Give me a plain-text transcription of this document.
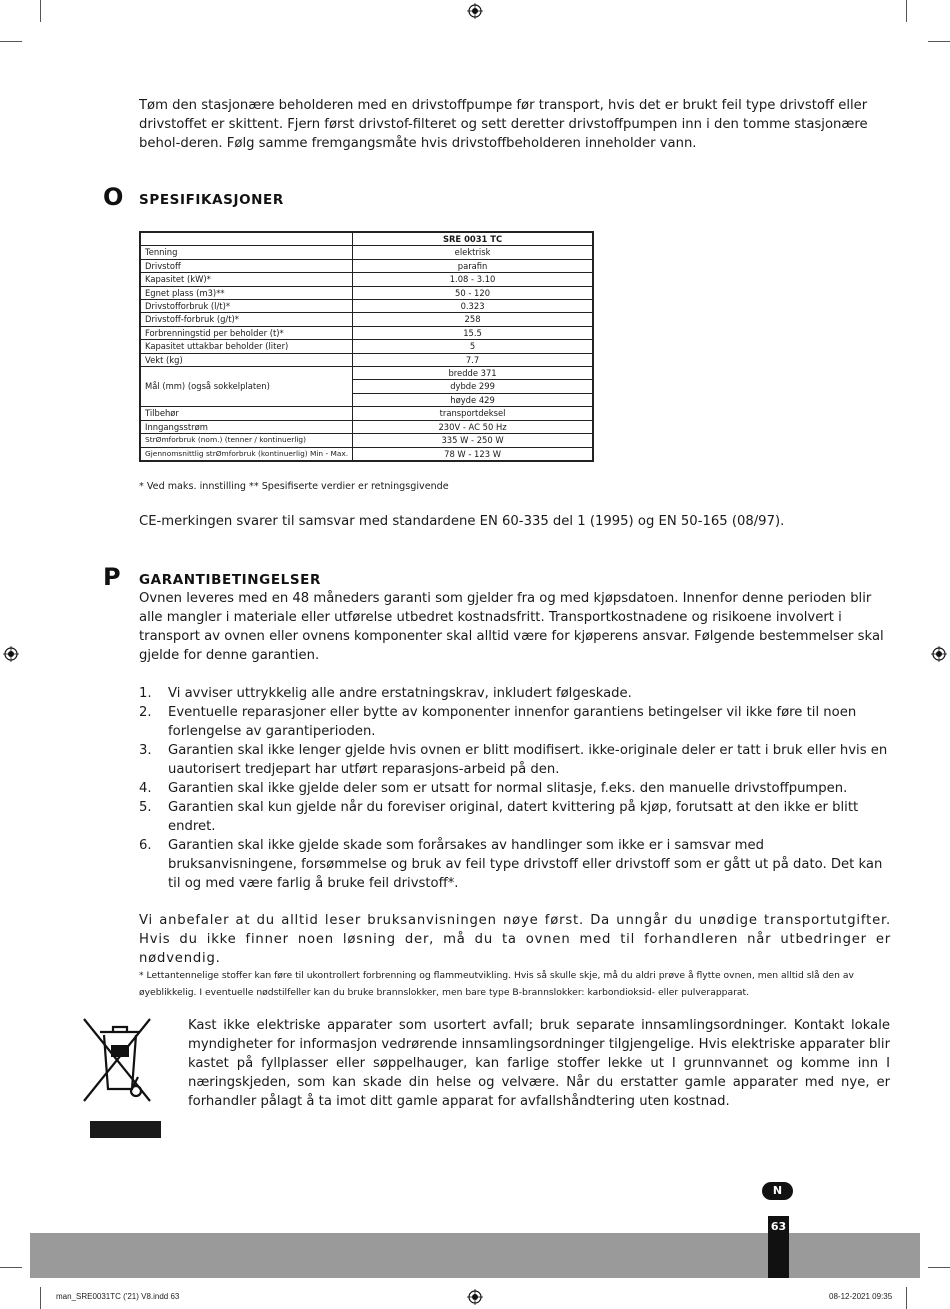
Tøm den stasjonære beholderen med en drivstoffpumpe før transport, hvis det er brukt feil type drivstoff eller drivstoffet er skittent. Fjern først drivstof-filteret og sett deretter drivstoffpumpen inn i den tomme stasjonære behol-deren. Følg samme fremgangsmåte hvis drivstoffbeholderen inneholder vann.
O SPESIFIKASJONER
	SRE 0031 TC
Tenning	elektrisk
Drivstoff	parafin
Kapasitet (kW)*	1.08 - 3.10
Egnet plass (m3)**	50 - 120
Drivstofforbruk (l/t)*	0.323
Drivstoff-forbruk (g/t)*	258
Forbrenningstid per beholder (t)*	15.5
Kapasitet uttakbar beholder (liter)	5
Vekt (kg)	7.7
Mål (mm) (også sokkelplaten)	bredde 371
	dybde 299
	høyde 429
Tilbehør	transportdeksel
Inngangsstrøm	230V - AC 50 Hz
StrØmforbruk (nom.) (tenner / kontinuerlig)	335 W - 250 W
Gjennomsnittlig strØmforbruk (kontinuerlig) Min - Max.	78 W - 123 W
* Ved maks. innstilling ** Spesifiserte verdier er retningsgivende
CE-merkingen svarer til samsvar med standardene EN 60-335 del 1 (1995) og EN 50-165 (08/97).
P GARANTIBETINGELSER
Ovnen leveres med en 48 måneders garanti som gjelder fra og med kjøpsdatoen. Innenfor denne perioden blir alle mangler i materiale eller utførelse utbedret kostnadsfritt. Transportkostnadene og risikoene involvert i transport av ovnen eller ovnens komponenter skal alltid være for kjøperens ansvar. Følgende bestemmelser skal gjelde for denne garantien.
1. Vi avviser uttrykkelig alle andre erstatningskrav, inkludert følgeskade.
2. Eventuelle reparasjoner eller bytte av komponenter innenfor garantiens betingelser vil ikke føre til noen forlengelse av garantiperioden.
3. Garantien skal ikke lenger gjelde hvis ovnen er blitt modifisert. ikke-originale deler er tatt i bruk eller hvis en uautorisert tredjepart har utført reparasjons-arbeid på den.
4. Garantien skal ikke gjelde deler som er utsatt for normal slitasje, f.eks. den manuelle drivstoffpumpen.
5. Garantien skal kun gjelde når du foreviser original, datert kvittering på kjøp, forutsatt at den ikke er blitt endret.
6. Garantien skal ikke gjelde skade som forårsakes av handlinger som ikke er i samsvar med bruksanvisningene, forsømmelse og bruk av feil type drivstoff eller drivstoff som er gått ut på dato. Det kan til og med være farlig å bruke feil drivstoff*.
Vi anbefaler at du alltid leser bruksanvisningen nøye først. Da unngår du unødige transportutgifter. Hvis du ikke finner noen løsning der, må du ta ovnen med til forhandleren når utbedringer er nødvendig.
* Lettantennelige stoffer kan føre til ukontrollert forbrenning og flammeutvikling. Hvis så skulle skje, må du aldri prøve å flytte ovnen, men alltid slå den av øyeblikkelig. I eventuelle nødstilfeller kan du bruke brannslokker, men bare type B-brannslokker: karbondioksid- eller pulverapparat.
Kast ikke elektriske apparater som usortert avfall; bruk separate innsamlingsordninger. Kontakt lokale myndigheter for informasjon vedrørende innsamlingsordninger tilgjengelige. Hvis elektriske apparater blir kastet på fyllplasser eller søppelhauger, kan farlige stoffer lekke ut I grunnvannet og komme inn I næringskjeden, som kan skade din helse og velvære. Når du erstatter gamle apparater med nye, er forhandler pålagt å ta imot ditt gamle apparat for avfallshåndtering uten kostnad.
N
63
man_SRE0031TC ('21) V8.indd 63	08-12-2021 09:35
